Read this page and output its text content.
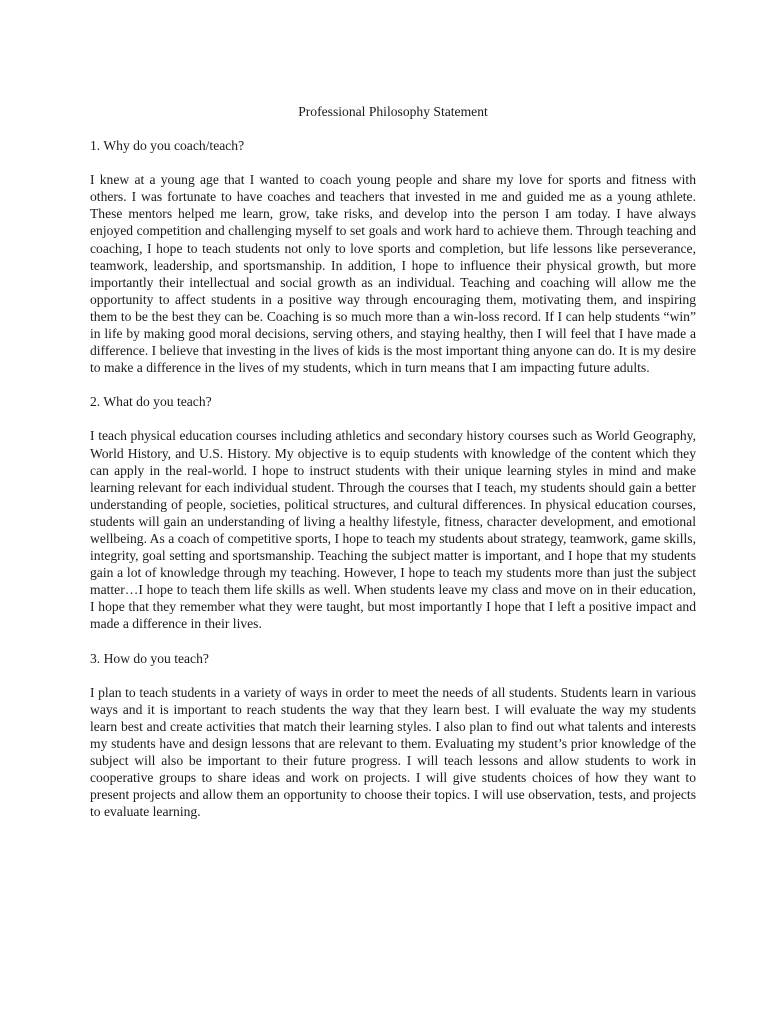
Professional Philosophy Statement

1. Why do you coach/teach?

I knew at a young age that I wanted to coach young people and share my love for sports and fitness with others. I was fortunate to have coaches and teachers that invested in me and guided me as a young athlete. These mentors helped me learn, grow, take risks, and develop into the person I am today. I have always enjoyed competition and challenging myself to set goals and work hard to achieve them. Through teaching and coaching, I hope to teach students not only to love sports and completion, but life lessons like perseverance, teamwork, leadership, and sportsmanship. In addition, I hope to influence their physical growth, but more importantly their intellectual and social growth as an individual. Teaching and coaching will allow me the opportunity to affect students in a positive way through encouraging them, motivating them, and inspiring them to be the best they can be. Coaching is so much more than a win-loss record. If I can help students “win” in life by making good moral decisions, serving others, and staying healthy, then I will feel that I have made a difference. I believe that investing in the lives of kids is the most important thing anyone can do. It is my desire to make a difference in the lives of my students, which in turn means that I am impacting future adults.

2. What do you teach?

I teach physical education courses including athletics and secondary history courses such as World Geography, World History, and U.S. History. My objective is to equip students with knowledge of the content which they can apply in the real-world. I hope to instruct students with their unique learning styles in mind and make learning relevant for each individual student. Through the courses that I teach, my students should gain a better understanding of people, societies, political structures, and cultural differences. In physical education courses, students will gain an understanding of living a healthy lifestyle, fitness, character development, and emotional wellbeing. As a coach of competitive sports, I hope to teach my students about strategy, teamwork, game skills, integrity, goal setting and sportsmanship. Teaching the subject matter is important, and I hope that my students gain a lot of knowledge through my teaching. However, I hope to teach my students more than just the subject matter…I hope to teach them life skills as well. When students leave my class and move on in their education, I hope that they remember what they were taught, but most importantly I hope that I left a positive impact and made a difference in their lives.

3. How do you teach?

I plan to teach students in a variety of ways in order to meet the needs of all students. Students learn in various ways and it is important to reach students the way that they learn best. I will evaluate the way my students learn best and create activities that match their learning styles. I also plan to find out what talents and interests my students have and design lessons that are relevant to them. Evaluating my student’s prior knowledge of the subject will also be important to their future progress. I will teach lessons and allow students to work in cooperative groups to share ideas and work on projects. I will give students choices of how they want to present projects and allow them an opportunity to choose their topics. I will use observation, tests, and projects to evaluate learning.
